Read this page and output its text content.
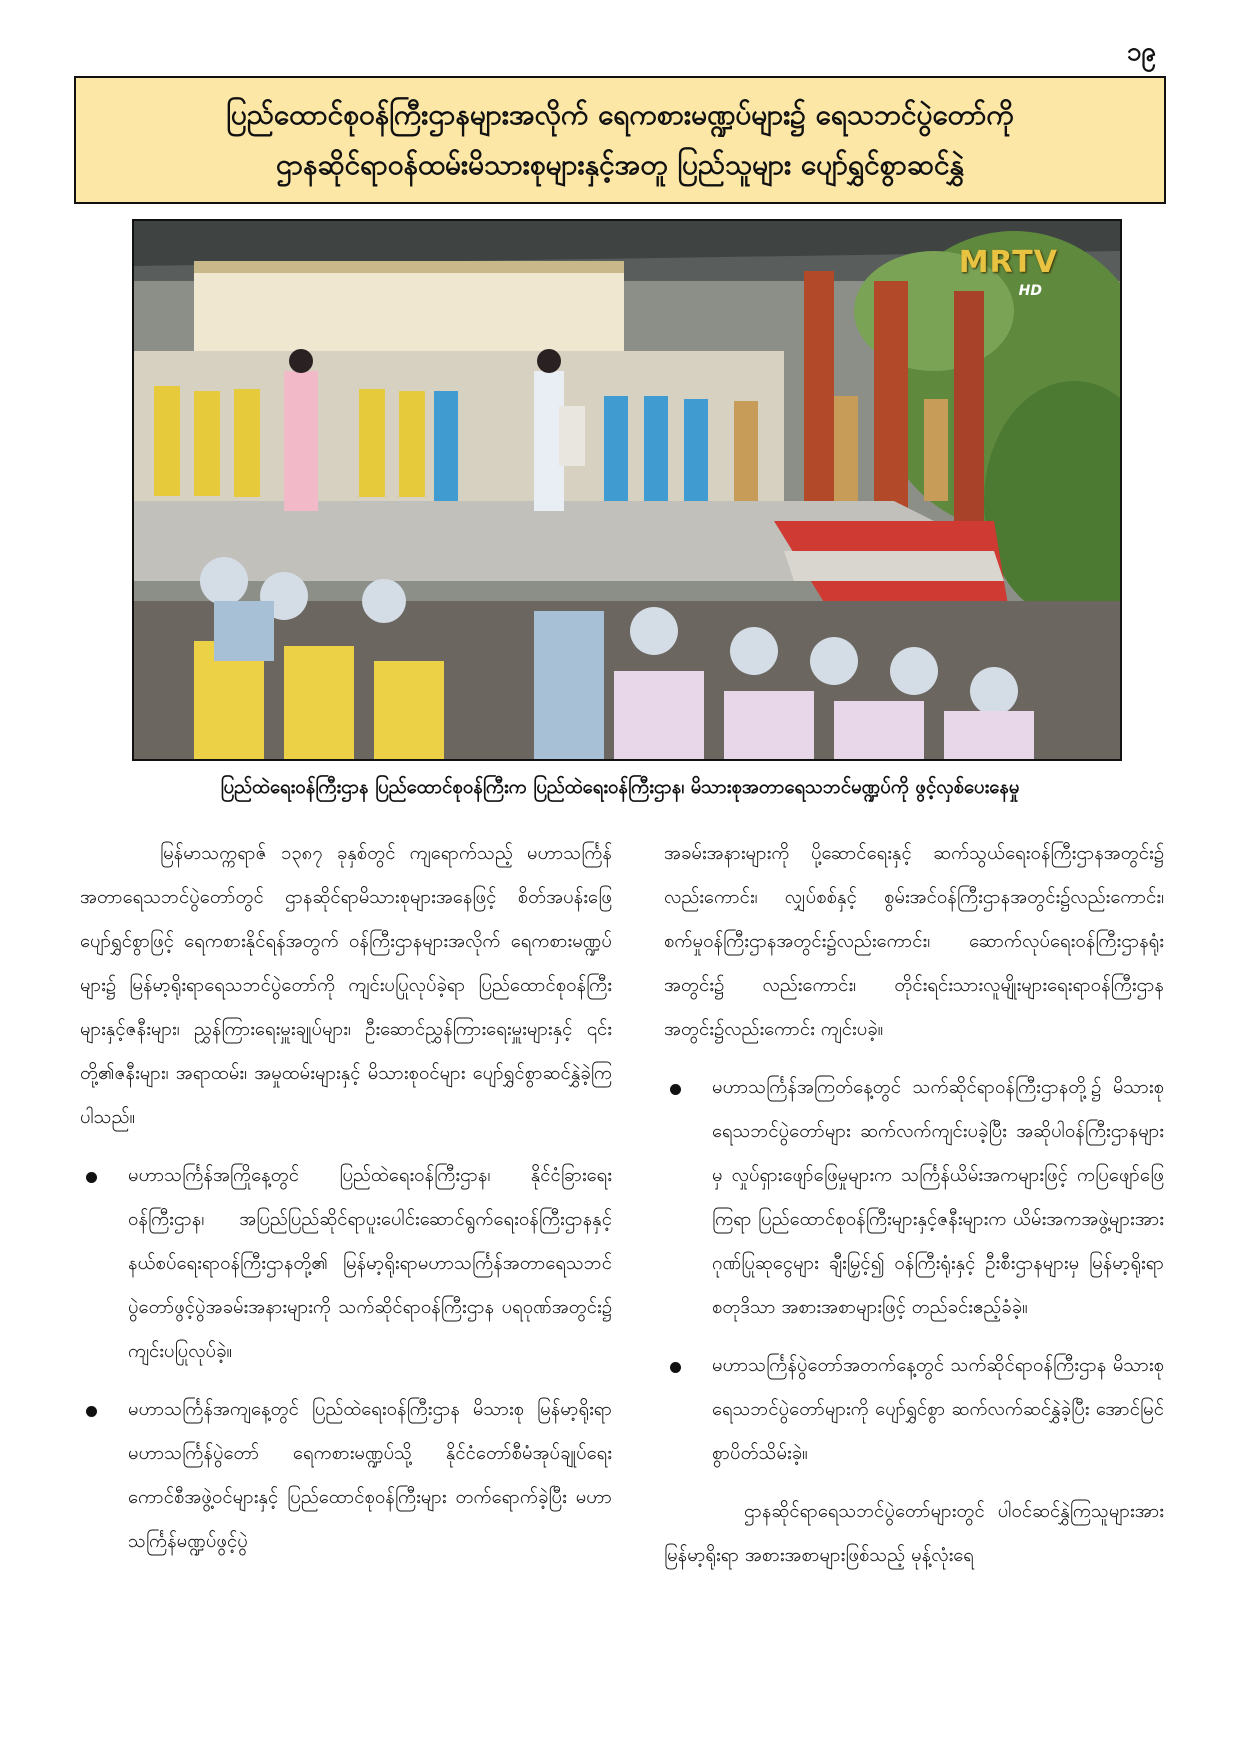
၁၉
ပြည်ထောင်စုဝန်ကြီးဌာနများအလိုက် ရေကစားမဏ္ဍပ်များ၌ ရေသဘင်ပွဲတော်ကို
ဌာနဆိုင်ရာဝန်ထမ်းမိသားစုများနှင့်အတူ ပြည်သူများ ပျော်ရွှင်စွာဆင်နွှဲ
MRTV
HD
ပြည်ထဲရေးဝန်ကြီးဌာန ပြည်ထောင်စုဝန်ကြီးက ပြည်ထဲရေးဝန်ကြီးဌာန၊ မိသားစုအတာရေသဘင်မဏ္ဍပ်ကို ဖွင့်လှစ်ပေးနေမှု

မြန်မာသက္ကရာဇ် ၁၃၈၇ ခုနှစ်တွင် ကျရောက်သည့် မဟာသင်္ကြန်အတာရေသဘင်ပွဲတော်တွင် ဌာနဆိုင်ရာမိသားစုများအနေဖြင့် စိတ်အပန်းဖြေပျော်ရွှင်စွာဖြင့် ရေကစားနိုင်ရန်အတွက် ဝန်ကြီးဌာနများအလိုက် ရေကစားမဏ္ဍပ်များ၌ မြန်မာ့ရိုးရာရေသဘင်ပွဲတော်ကို ကျင်းပပြုလုပ်ခဲ့ရာ ပြည်ထောင်စုဝန်ကြီးများနှင့်ဇနီးများ၊ ညွှန်ကြားရေးမှူးချုပ်များ၊ ဦးဆောင်ညွှန်ကြားရေးမှူးများနှင့် ၎င်းတို့၏ဇနီးများ၊ အရာထမ်း၊ အမှုထမ်းများနှင့် မိသားစုဝင်များ ပျော်ရွှင်စွာဆင်နွှဲခဲ့ကြပါသည်။

မဟာသင်္ကြန်အကြိုနေ့တွင် ပြည်ထဲရေးဝန်ကြီးဌာန၊ နိုင်ငံခြားရေးဝန်ကြီးဌာန၊ အပြည်ပြည်ဆိုင်ရာပူးပေါင်းဆောင်ရွက်ရေးဝန်ကြီးဌာနနှင့် နယ်စပ်ရေးရာဝန်ကြီးဌာနတို့၏ မြန်မာ့ရိုးရာမဟာသင်္ကြန်အတာရေသဘင်ပွဲတော်ဖွင့်ပွဲအခမ်းအနားများကို သက်ဆိုင်ရာဝန်ကြီးဌာန ပရဝုဏ်အတွင်း၌ ကျင်းပပြုလုပ်ခဲ့။
မဟာသင်္ကြန်အကျနေ့တွင် ပြည်ထဲရေးဝန်ကြီးဌာန မိသားစု မြန်မာ့ရိုးရာမဟာသင်္ကြန်ပွဲတော် ရေကစားမဏ္ဍပ်သို့ နိုင်ငံတော်စီမံအုပ်ချုပ်ရေးကောင်စီအဖွဲ့ဝင်များနှင့် ပြည်ထောင်စုဝန်ကြီးများ တက်ရောက်ခဲ့ပြီး မဟာသင်္ကြန်မဏ္ဍပ်ဖွင့်ပွဲ

အခမ်းအနားများကို ပို့ဆောင်ရေးနှင့် ဆက်သွယ်ရေးဝန်ကြီးဌာနအတွင်း၌ လည်းကောင်း၊ လျှပ်စစ်နှင့် စွမ်းအင်ဝန်ကြီးဌာနအတွင်း၌လည်းကောင်း၊ စက်မှုဝန်ကြီးဌာနအတွင်း၌လည်းကောင်း၊ ဆောက်လုပ်ရေးဝန်ကြီးဌာနရုံးအတွင်း၌ လည်းကောင်း၊ တိုင်းရင်းသားလူမျိုးများရေးရာဝန်ကြီးဌာနအတွင်း၌လည်းကောင်း ကျင်းပခဲ့။

မဟာသင်္ကြန်အကြတ်နေ့တွင် သက်ဆိုင်ရာဝန်ကြီးဌာနတို့၌ မိသားစုရေသဘင်ပွဲတော်များ ဆက်လက်ကျင်းပခဲ့ပြီး အဆိုပါဝန်ကြီးဌာနများမှ လှုပ်ရှားဖျော်ဖြေမှုများက သင်္ကြန်ယိမ်းအကများဖြင့် ကပြဖျော်ဖြေကြရာ ပြည်ထောင်စုဝန်ကြီးများနှင့်ဇနီးများက ယိမ်းအကအဖွဲ့များအား ဂုဏ်ပြုဆုငွေများ ချီးမြှင့်၍ ဝန်ကြီးရုံးနှင့် ဦးစီးဌာနများမှ မြန်မာ့ရိုးရာ စတုဒိသာ အစားအစာများဖြင့် တည်ခင်းဧည့်ခံခဲ့။
မဟာသင်္ကြန်ပွဲတော်အတက်နေ့တွင် သက်ဆိုင်ရာဝန်ကြီးဌာန မိသားစုရေသဘင်ပွဲတော်များကို ပျော်ရွှင်စွာ ဆက်လက်ဆင်နွှဲခဲ့ပြီး အောင်မြင်စွာပိတ်သိမ်းခဲ့။

ဌာနဆိုင်ရာရေသဘင်ပွဲတော်များတွင် ပါဝင်ဆင်နွှဲကြသူများအား မြန်မာ့ရိုးရာ အစားအစာများဖြစ်သည့် မုန့်လုံးရေ
